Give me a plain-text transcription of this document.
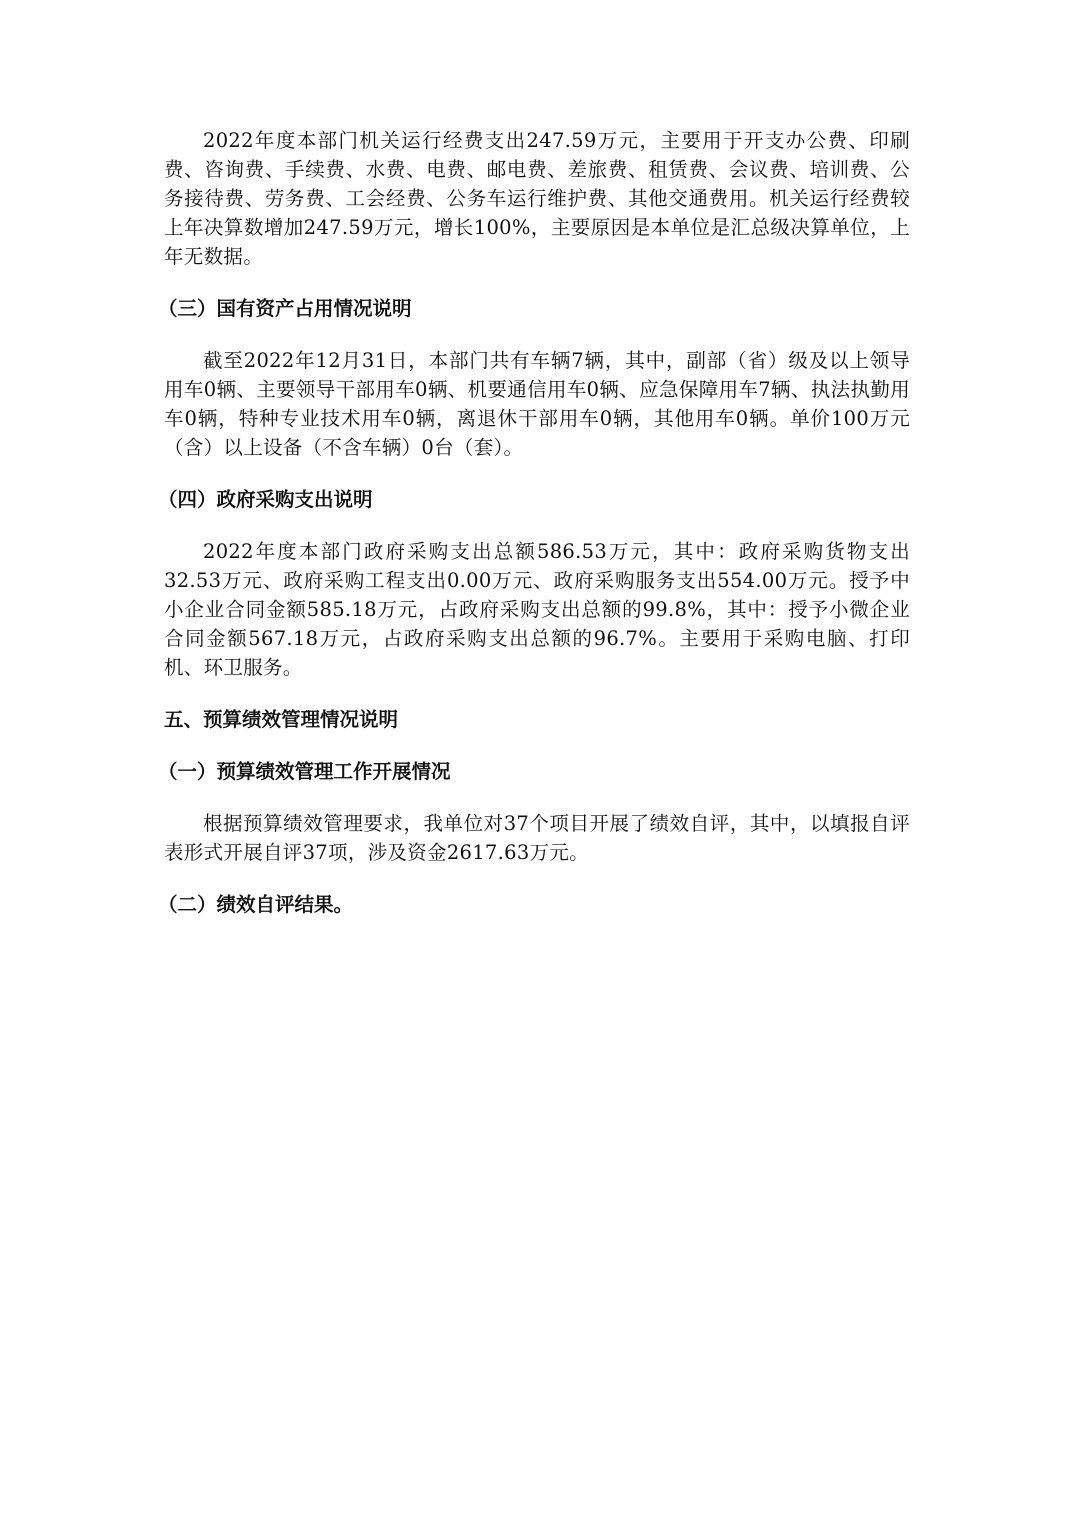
2022年度本部门机关运行经费支出247.59万元，主要用于开支办公费、印刷费、咨询费、手续费、水费、电费、邮电费、差旅费、租赁费、会议费、培训费、公务接待费、劳务费、工会经费、公务车运行维护费、其他交通费用。机关运行经费较上年决算数增加247.59万元，增长100%，主要原因是本单位是汇总级决算单位，上年无数据。

（三）国有资产占用情况说明

截至2022年12月31日，本部门共有车辆7辆，其中，副部（省）级及以上领导用车0辆、主要领导干部用车0辆、机要通信用车0辆、应急保障用车7辆、执法执勤用车0辆，特种专业技术用车0辆，离退休干部用车0辆，其他用车0辆。单价100万元（含）以上设备（不含车辆）0台（套）。

（四）政府采购支出说明

2022年度本部门政府采购支出总额586.53万元，其中：政府采购货物支出32.53万元、政府采购工程支出0.00万元、政府采购服务支出554.00万元。授予中小企业合同金额585.18万元，占政府采购支出总额的99.8%，其中：授予小微企业合同金额567.18万元，占政府采购支出总额的96.7%。主要用于采购电脑、打印机、环卫服务。

五、预算绩效管理情况说明

（一）预算绩效管理工作开展情况

根据预算绩效管理要求，我单位对37个项目开展了绩效自评，其中，以填报自评表形式开展自评37项，涉及资金2617.63万元。

（二）绩效自评结果。
